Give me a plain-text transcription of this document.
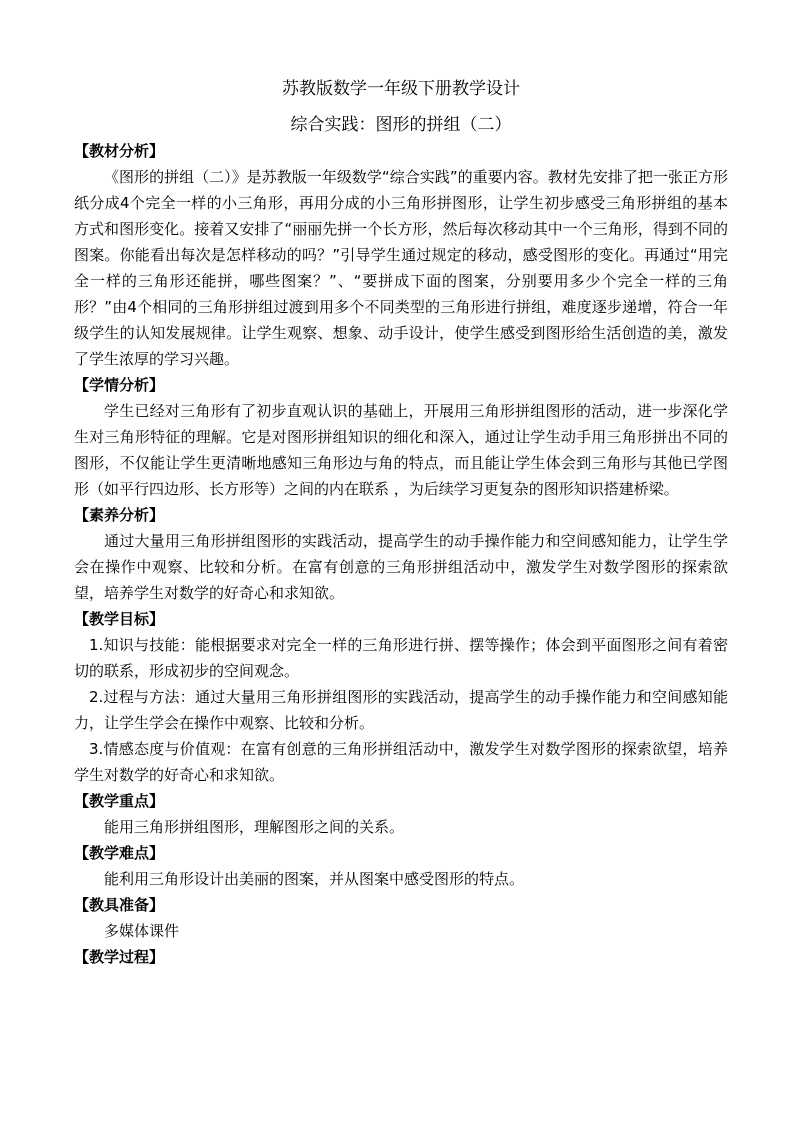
苏教版数学一年级下册教学设计
综合实践：图形的拼组（二）

【教材分析】

《图形的拼组（二）》是苏教版一年级数学“综合实践”的重要内容。教材先安排了把一张正方形纸分成4个完全一样的小三角形，再用分成的小三角形拼图形，让学生初步感受三角形拼组的基本方式和图形变化。接着又安排了“丽丽先拼一个长方形，然后每次移动其中一个三角形，得到不同的图案。你能看出每次是怎样移动的吗？”引导学生通过规定的移动，感受图形的变化。再通过“用完全一样的三角形还能拼，哪些图案？”、“要拼成下面的图案，分别要用多少个完全一样的三角形？”由4个相同的三角形拼组过渡到用多个不同类型的三角形进行拼组，难度逐步递增，符合一年级学生的认知发展规律。让学生观察、想象、动手设计，使学生感受到图形给生活创造的美，激发了学生浓厚的学习兴趣。

【学情分析】

学生已经对三角形有了初步直观认识的基础上，开展用三角形拼组图形的活动，进一步深化学生对三角形特征的理解。它是对图形拼组知识的细化和深入，通过让学生动手用三角形拼出不同的图形，不仅能让学生更清晰地感知三角形边与角的特点，而且能让学生体会到三角形与其他已学图形（如平行四边形、长方形等）之间的内在联系 ，为后续学习更复杂的图形知识搭建桥梁。

【素养分析】

通过大量用三角形拼组图形的实践活动，提高学生的动手操作能力和空间感知能力，让学生学会在操作中观察、比较和分析。在富有创意的三角形拼组活动中，激发学生对数学图形的探索欲望，培养学生对数学的好奇心和求知欲。

【教学目标】

1.知识与技能：能根据要求对完全一样的三角形进行拼、摆等操作；体会到平面图形之间有着密切的联系，形成初步的空间观念。

2.过程与方法：通过大量用三角形拼组图形的实践活动，提高学生的动手操作能力和空间感知能力，让学生学会在操作中观察、比较和分析。

3.情感态度与价值观：在富有创意的三角形拼组活动中，激发学生对数学图形的探索欲望，培养学生对数学的好奇心和求知欲。

【教学重点】

能用三角形拼组图形，理解图形之间的关系。

【教学难点】

能利用三角形设计出美丽的图案，并从图案中感受图形的特点。

【教具准备】

多媒体课件

【教学过程】
